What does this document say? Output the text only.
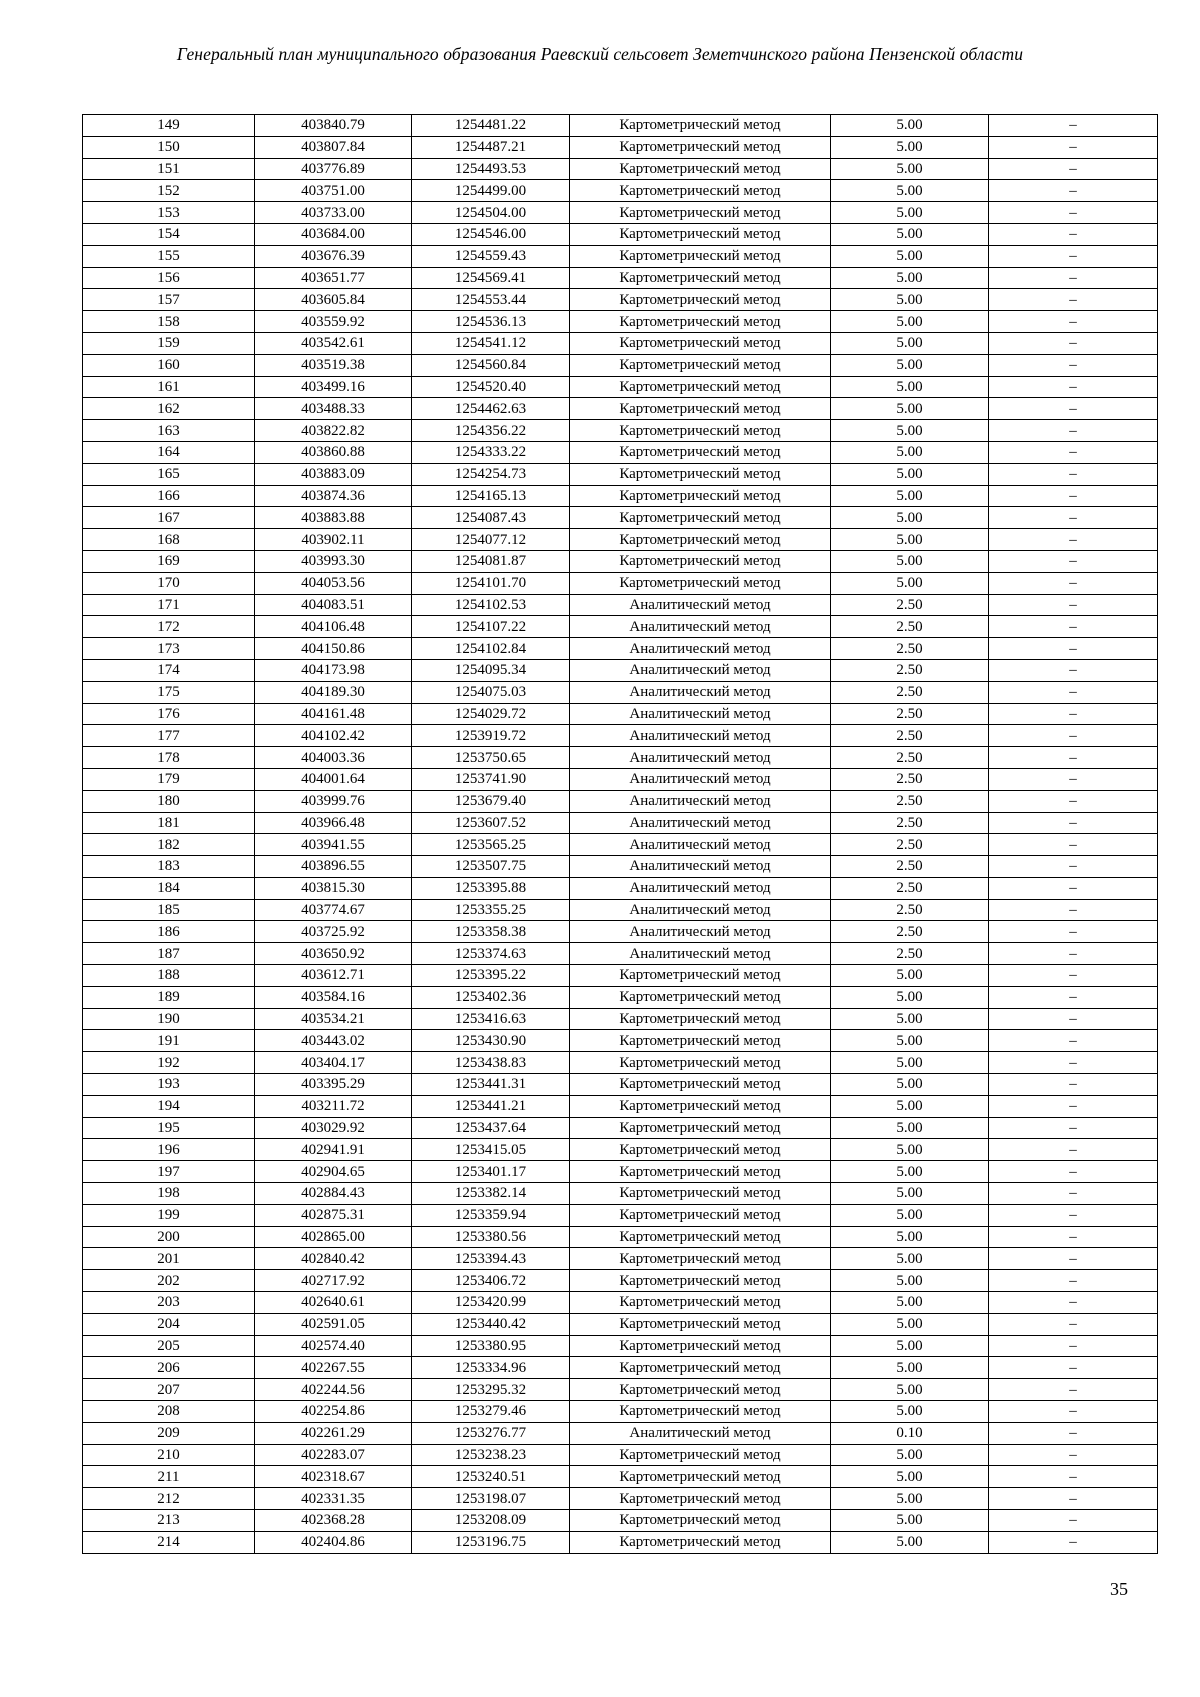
Генеральный план муниципального образования Раевский сельсовет Земетчинского района Пензенской области
149	403840.79	1254481.22	Картометрический метод	5.00	–
150	403807.84	1254487.21	Картометрический метод	5.00	–
151	403776.89	1254493.53	Картометрический метод	5.00	–
152	403751.00	1254499.00	Картометрический метод	5.00	–
153	403733.00	1254504.00	Картометрический метод	5.00	–
154	403684.00	1254546.00	Картометрический метод	5.00	–
155	403676.39	1254559.43	Картометрический метод	5.00	–
156	403651.77	1254569.41	Картометрический метод	5.00	–
157	403605.84	1254553.44	Картометрический метод	5.00	–
158	403559.92	1254536.13	Картометрический метод	5.00	–
159	403542.61	1254541.12	Картометрический метод	5.00	–
160	403519.38	1254560.84	Картометрический метод	5.00	–
161	403499.16	1254520.40	Картометрический метод	5.00	–
162	403488.33	1254462.63	Картометрический метод	5.00	–
163	403822.82	1254356.22	Картометрический метод	5.00	–
164	403860.88	1254333.22	Картометрический метод	5.00	–
165	403883.09	1254254.73	Картометрический метод	5.00	–
166	403874.36	1254165.13	Картометрический метод	5.00	–
167	403883.88	1254087.43	Картометрический метод	5.00	–
168	403902.11	1254077.12	Картометрический метод	5.00	–
169	403993.30	1254081.87	Картометрический метод	5.00	–
170	404053.56	1254101.70	Картометрический метод	5.00	–
171	404083.51	1254102.53	Аналитический метод	2.50	–
172	404106.48	1254107.22	Аналитический метод	2.50	–
173	404150.86	1254102.84	Аналитический метод	2.50	–
174	404173.98	1254095.34	Аналитический метод	2.50	–
175	404189.30	1254075.03	Аналитический метод	2.50	–
176	404161.48	1254029.72	Аналитический метод	2.50	–
177	404102.42	1253919.72	Аналитический метод	2.50	–
178	404003.36	1253750.65	Аналитический метод	2.50	–
179	404001.64	1253741.90	Аналитический метод	2.50	–
180	403999.76	1253679.40	Аналитический метод	2.50	–
181	403966.48	1253607.52	Аналитический метод	2.50	–
182	403941.55	1253565.25	Аналитический метод	2.50	–
183	403896.55	1253507.75	Аналитический метод	2.50	–
184	403815.30	1253395.88	Аналитический метод	2.50	–
185	403774.67	1253355.25	Аналитический метод	2.50	–
186	403725.92	1253358.38	Аналитический метод	2.50	–
187	403650.92	1253374.63	Аналитический метод	2.50	–
188	403612.71	1253395.22	Картометрический метод	5.00	–
189	403584.16	1253402.36	Картометрический метод	5.00	–
190	403534.21	1253416.63	Картометрический метод	5.00	–
191	403443.02	1253430.90	Картометрический метод	5.00	–
192	403404.17	1253438.83	Картометрический метод	5.00	–
193	403395.29	1253441.31	Картометрический метод	5.00	–
194	403211.72	1253441.21	Картометрический метод	5.00	–
195	403029.92	1253437.64	Картометрический метод	5.00	–
196	402941.91	1253415.05	Картометрический метод	5.00	–
197	402904.65	1253401.17	Картометрический метод	5.00	–
198	402884.43	1253382.14	Картометрический метод	5.00	–
199	402875.31	1253359.94	Картометрический метод	5.00	–
200	402865.00	1253380.56	Картометрический метод	5.00	–
201	402840.42	1253394.43	Картометрический метод	5.00	–
202	402717.92	1253406.72	Картометрический метод	5.00	–
203	402640.61	1253420.99	Картометрический метод	5.00	–
204	402591.05	1253440.42	Картометрический метод	5.00	–
205	402574.40	1253380.95	Картометрический метод	5.00	–
206	402267.55	1253334.96	Картометрический метод	5.00	–
207	402244.56	1253295.32	Картометрический метод	5.00	–
208	402254.86	1253279.46	Картометрический метод	5.00	–
209	402261.29	1253276.77	Аналитический метод	0.10	–
210	402283.07	1253238.23	Картометрический метод	5.00	–
211	402318.67	1253240.51	Картометрический метод	5.00	–
212	402331.35	1253198.07	Картометрический метод	5.00	–
213	402368.28	1253208.09	Картометрический метод	5.00	–
214	402404.86	1253196.75	Картометрический метод	5.00	–
35
